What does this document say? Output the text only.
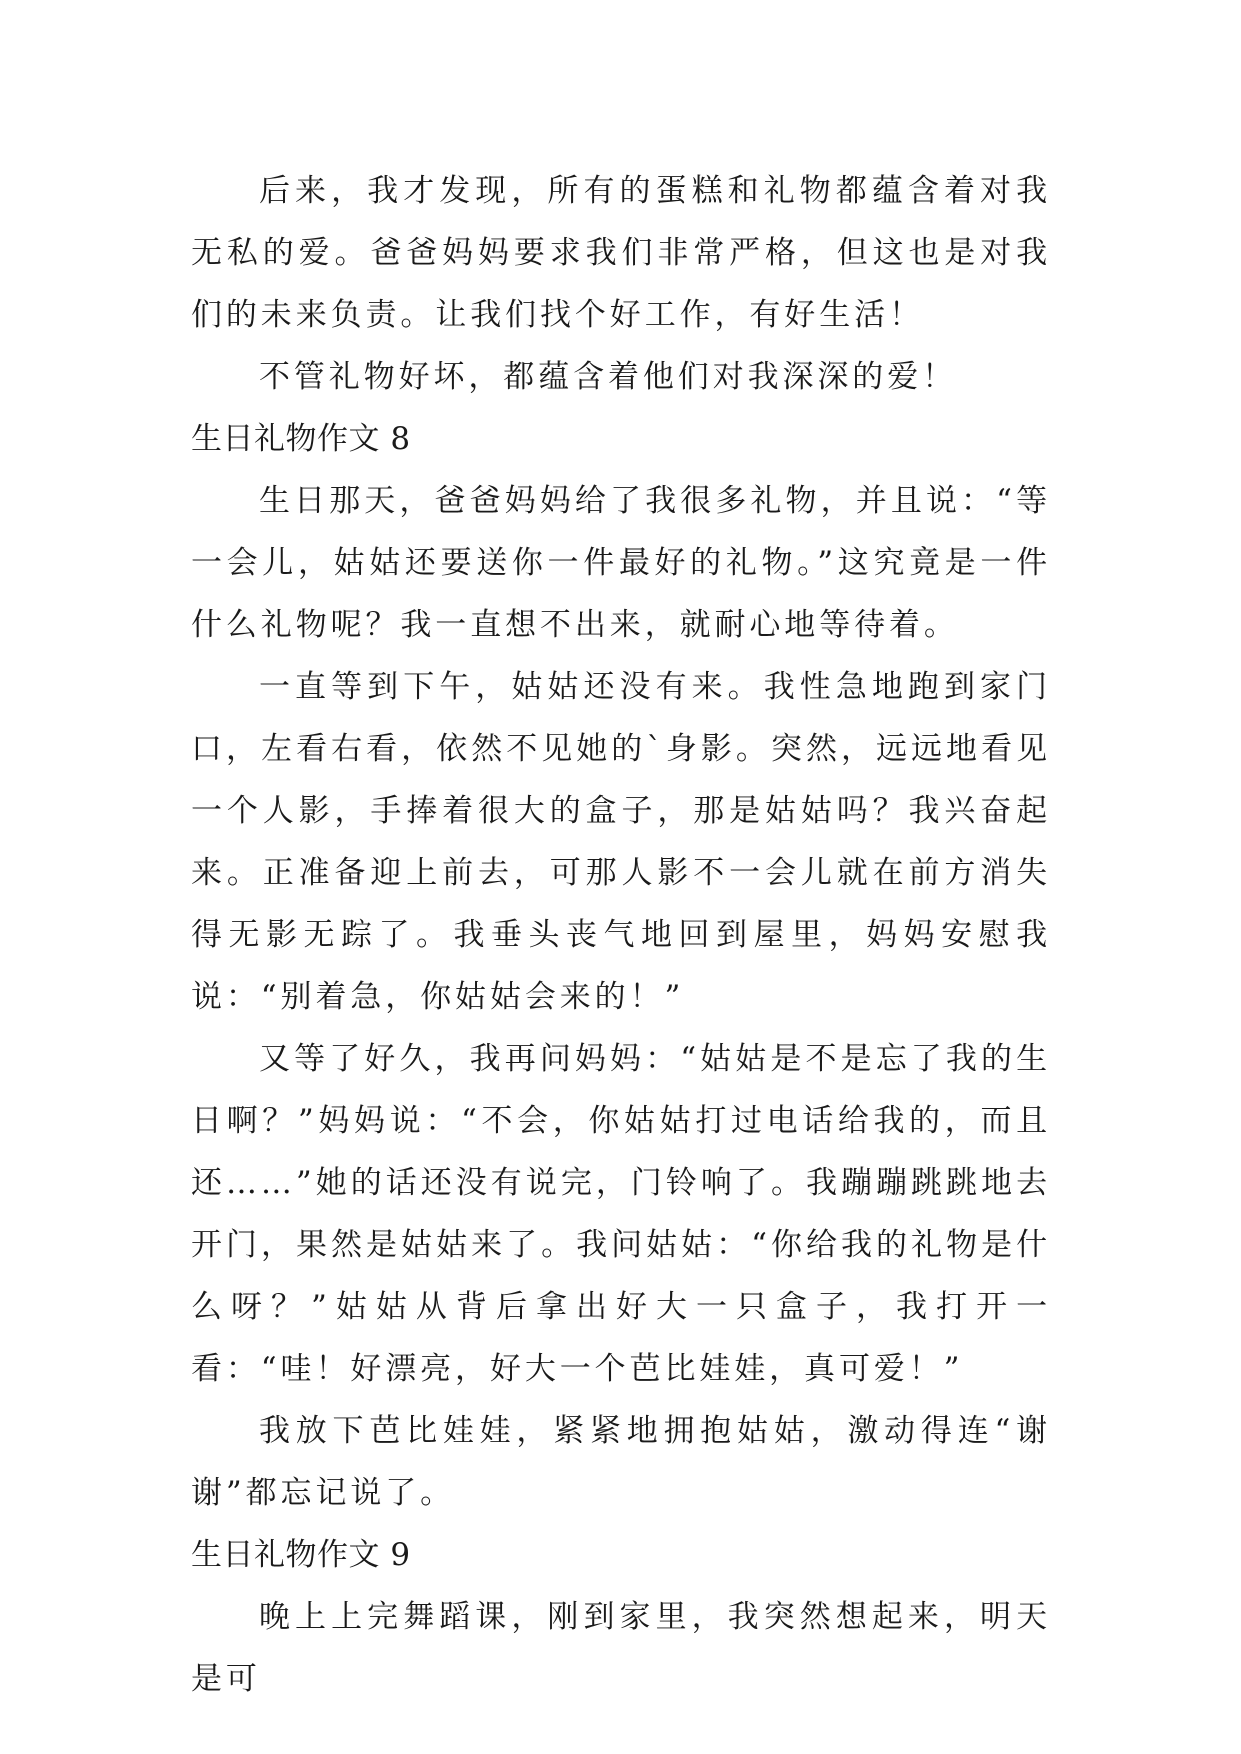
后来，我才发现，所有的蛋糕和礼物都蕴含着对我无私的爱。爸爸妈妈要求我们非常严格，但这也是对我们的未来负责。让我们找个好工作，有好生活！

不管礼物好坏，都蕴含着他们对我深深的爱！

生日礼物作文 8

生日那天，爸爸妈妈给了我很多礼物，并且说：“等一会儿，姑姑还要送你一件最好的礼物。”这究竟是一件什么礼物呢？我一直想不出来，就耐心地等待着。

一直等到下午，姑姑还没有来。我性急地跑到家门口，左看右看，依然不见她的`身影。突然，远远地看见一个人影，手捧着很大的盒子，那是姑姑吗？我兴奋起来。正准备迎上前去，可那人影不一会儿就在前方消失得无影无踪了。我垂头丧气地回到屋里，妈妈安慰我说：“别着急，你姑姑会来的！”

又等了好久，我再问妈妈：“姑姑是不是忘了我的生日啊？”妈妈说：“不会，你姑姑打过电话给我的，而且还……”她的话还没有说完，门铃响了。我蹦蹦跳跳地去开门，果然是姑姑来了。我问姑姑：“你给我的礼物是什么呀？”姑姑从背后拿出好大一只盒子，我打开一看：“哇！好漂亮，好大一个芭比娃娃，真可爱！”

我放下芭比娃娃，紧紧地拥抱姑姑，激动得连“谢谢”都忘记说了。

生日礼物作文 9

晚上上完舞蹈课，刚到家里，我突然想起来，明天是可
